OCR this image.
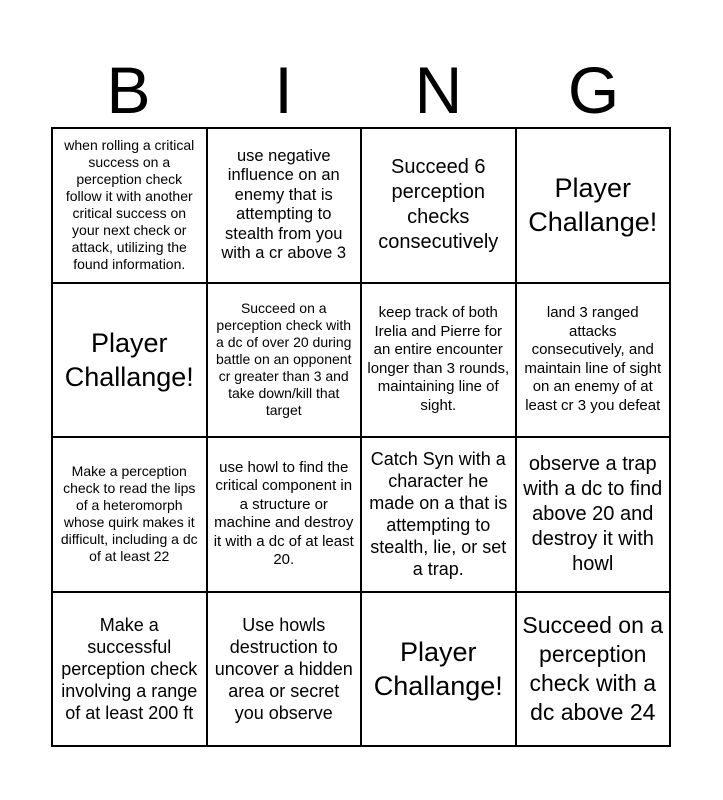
B	I	N	G
when rolling a critical success on a perception check follow it with another critical success on your next check or attack, utilizing the found information.
use negative influence on an enemy that is attempting to stealth from you with a cr above 3
Succeed 6 perception checks consecutively
Player Challange!
Player Challange!
Succeed on a perception check with a dc of over 20 during battle on an opponent cr greater than 3 and take down/kill that target
keep track of both Irelia and Pierre for an entire encounter longer than 3 rounds, maintaining line of sight.
land 3 ranged attacks consecutively, and maintain line of sight on an enemy of at least cr 3 you defeat
Make a perception check to read the lips of a heteromorph whose quirk makes it difficult, including a dc of at least 22
use howl to find the critical component in a structure or machine and destroy it with a dc of at least 20.
Catch Syn with a character he made on a that is attempting to stealth, lie, or set a trap.
observe a trap with a dc to find above 20 and destroy it with howl
Make a successful perception check involving a range of at least 200 ft
Use howls destruction to uncover a hidden area or secret you observe
Player Challange!
Succeed on a perception check with a dc above 24
